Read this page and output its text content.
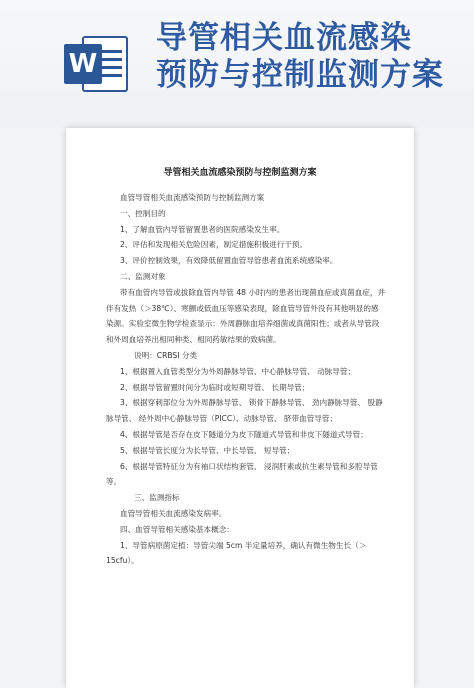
W
导管相关血流感染
预防与控制监测方案
导管相关血流感染预防与控制监测方案

血管导管相关血流感染预防与控制监测方案

一、控制目的

1、了解血管内导管留置患者的医院感染发生率。

2、评估和发现相关危险因素，制定措施积极进行干预。

3、评价控制效果，有效降低留置血管导管患者血流系统感染率。

二、监测对象

带有血管内导管或拔除血管内导管 48 小时内的患者出现菌血症或真菌血症，并伴有发热（＞38℃）、寒颤或低血压等感染表现，除血管导管外没有其他明显的感染源。实验室微生物学检查显示：外周静脉血培养细菌或真菌阳性；或者从导管段和外周血培养出相同种类、相同药敏结果的致病菌。

说明：CRBSI 分类

1、根据置入血管类型分为外周静脉导管、中心静脉导管、 动脉导管；

2、根据导管留置时间分为临时或短期导管、 长期导管；

3、根据穿刺部位分为外周静脉导管、 锁骨下静脉导管、 劲内静脉导管、 股静脉导管、 经外周中心静脉导管（PICC）、动脉导管、 脐带血管导管；

4、根据导管是否存在皮下隧道分为皮下隧道式导管和非皮下隧道式导管；

5、根据导管长度分为长导管、中长导管、 短导管；

6、根据导管特征分为有袖口状结构套管、 浸润肝素或抗生素导管和多腔导管等。

三、监测指标

血管导管相关血流感染发病率。

四、血管导管相关感染基本概念：

1、导管病原菌定植：导管尖端 5cm 半定量培养，确认有微生物生长（＞15cfu）。
